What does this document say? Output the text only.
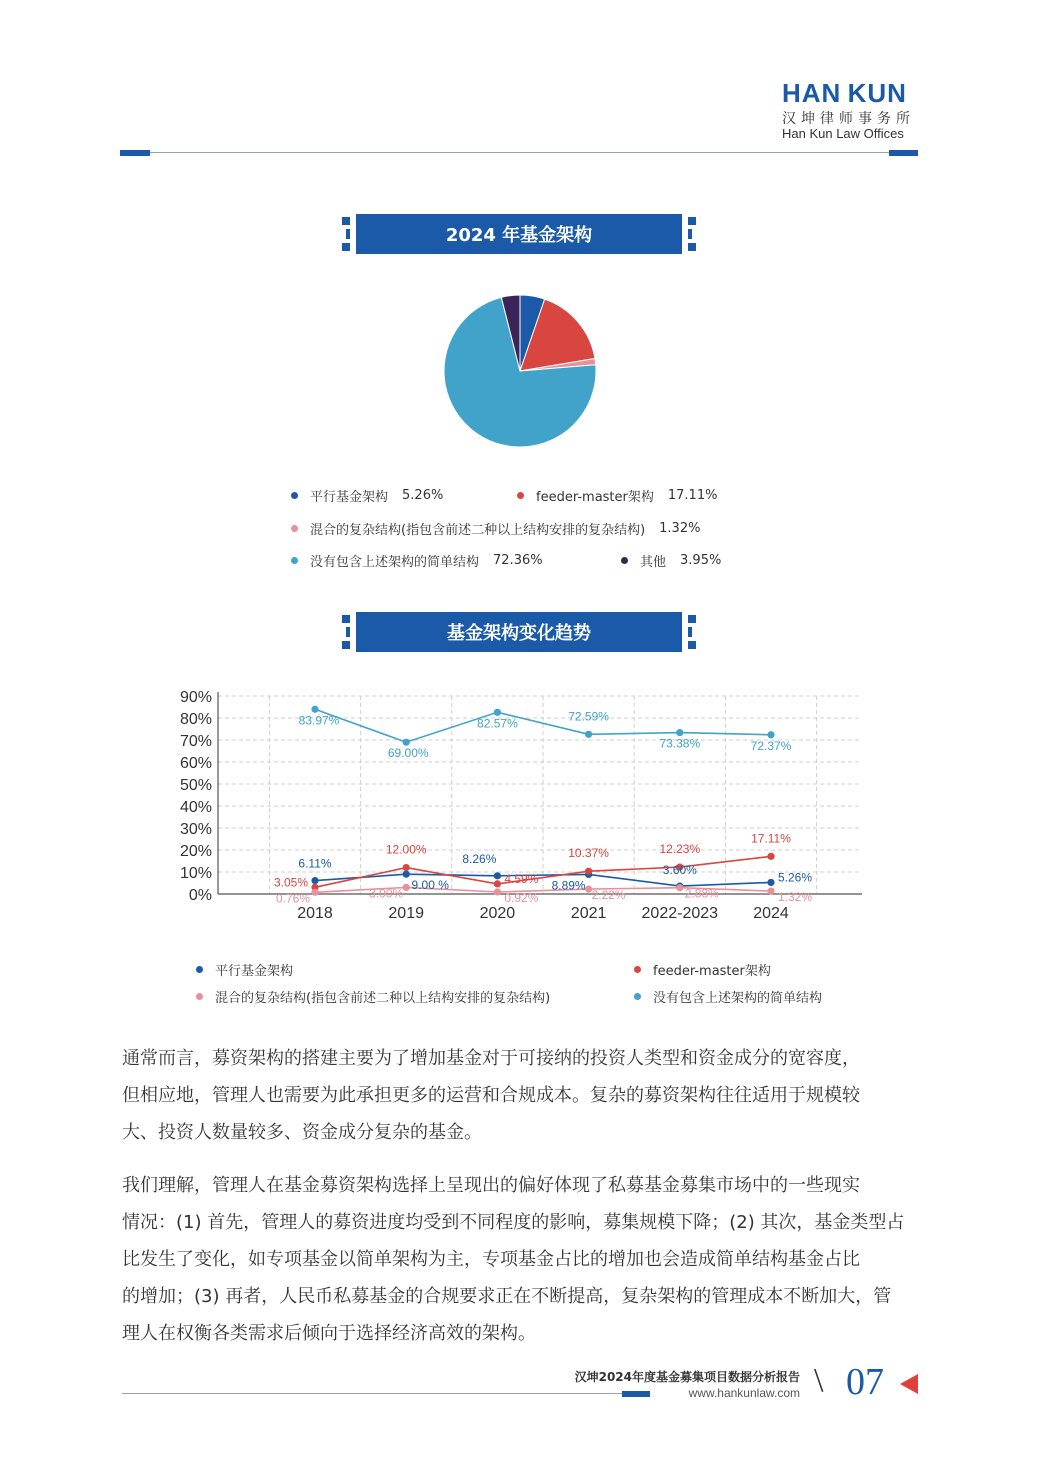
HAN  KUN
汉坤律师事务所
Han Kun Law Offices
2024 年基金架构
平行基金架构 5.26%	feeder-master架构 17.11%
混合的复杂结构(指包含前述二种以上结构安排的复杂结构) 1.32%
没有包含上述架构的简单结构 72.36%	其他 3.95%
基金架构变化趋势
0%
10%
20%
30%
40%
50%
60%
70%
80%
90%
2018	2019	2020	2021 2022-2023 2024
83.97%
69.00%
82.57%
72.59%
73.38%	72.37%
6.11%
9.00 %
8.26%
8.89%
3.60%
5.26%
3.05%
12.00%
4.59%
10.37%	12.23%
17.11%
0.76%	3.00%	0.92%	2.22%	2.88%	1.32%
平行基金架构	feeder-master架构
混合的复杂结构(指包含前述二种以上结构安排的复杂结构)	没有包含上述架构的简单结构
通常而言，募资架构的搭建主要为了增加基金对于可接纳的投资人类型和资金成分的宽容度，
但相应地，管理人也需要为此承担更多的运营和合规成本。复杂的募资架构往往适用于规模较
大、投资人数量较多、资金成分复杂的基金。
我们理解，管理人在基金募资架构选择上呈现出的偏好体现了私募基金募集市场中的一些现实
情况：(1) 首先，管理人的募资进度均受到不同程度的影响，募集规模下降；(2) 其次，基金类型占
比发生了变化，如专项基金以简单架构为主，专项基金占比的增加也会造成简单结构基金占比
的增加；(3) 再者，人民币私募基金的合规要求正在不断提高，复杂架构的管理成本不断加大，管
理人在权衡各类需求后倾向于选择经济高效的架构。
汉坤2024年度基金募集项目数据分析报告
www.hankunlaw.com \ 07
